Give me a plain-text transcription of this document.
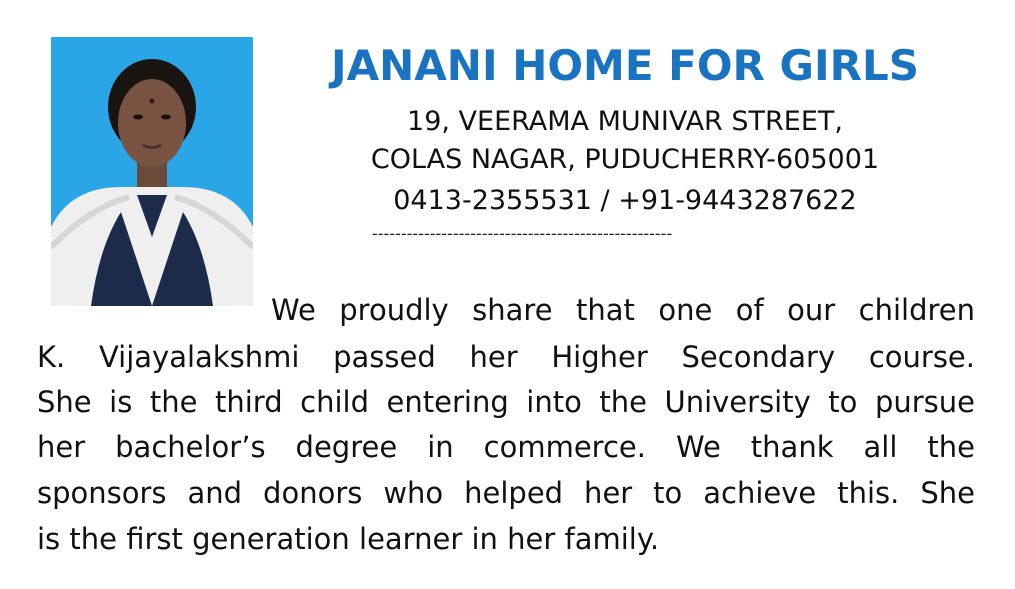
JANANI HOME FOR GIRLS
19, VEERAMA MUNIVAR STREET,
COLAS NAGAR, PUDUCHERRY-605001
0413-2355531 / +91-9443287622
----------------------------------------------------
We proudly share that one of our children
K. Vijayalakshmi passed her Higher Secondary course.
She is the third child entering into the University to pursue
her bachelor’s degree in commerce. We thank all the
sponsors and donors who helped her to achieve this. She
is the first generation learner in her family.
